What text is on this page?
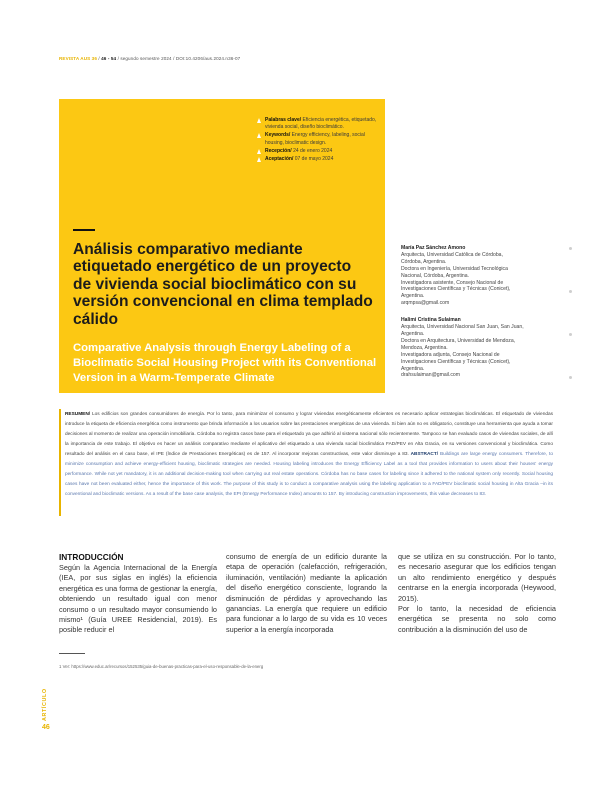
REVISTA AUS 36 / 46 - 54 / segundo semestre 2024 / DOI:10.4206/aus.2024.n36-07
Palabras clave/ Eficiencia energética, etiquetado, vivienda social, diseño bioclimático.
Keywords/ Energy efficiency, labeling, social housing, bioclimatic design.
Recepción/ 24 de enero 2024
Aceptación/ 07 de mayo 2024
Análisis comparativo mediante etiquetado energético de un proyecto de vivienda social bioclimático con su versión convencional en clima templado cálido
Comparative Analysis through Energy Labeling of a Bioclimatic Social Housing Project with its Conventional Version in a Warm-Temperate Climate
María Paz Sánchez Amono
Arquitecta, Universidad Católica de Córdoba,
Córdoba, Argentina.
Doctora en Ingeniería, Universidad Tecnológica
Nacional, Córdoba, Argentina.
Investigadora asistente, Consejo Nacional de
Investigaciones Científicas y Técnicas (Conicet),
Argentina.
arqmpsa@gmail.com
Halimi Cristina Sulaiman
Arquitecta, Universidad Nacional San Juan, San Juan,
Argentina.
Doctora en Arquitectura, Universidad de Mendoza,
Mendoza, Argentina.
Investigadora adjunta, Consejo Nacional de
Investigaciones Científicas y Técnicas (Conicet),
Argentina.
drahsulaiman@gmail.com

RESUMEN/ Los edificios son grandes consumidores de energía. Por lo tanto, para minimizar el consumo y lograr viviendas energéticamente eficientes es necesario aplicar estrategias bioclimáticas. El etiquetado de viviendas introduce la etiqueta de eficiencia energética como instrumento que brinda información a los usuarios sobre las prestaciones energéticas de una vivienda. Si bien aún no es obligatorio, constituye una herramienta que ayuda a tomar decisiones al momento de realizar una operación inmobiliaria. Córdoba no registra casos base para el etiquetado ya que adhirió al sistema nacional sólo recientemente. Tampoco se han evaluado casos de viviendas sociales, de allí la importancia de este trabajo. El objetivo es hacer un análisis comparativo mediante el aplicativo del etiquetado a una vivienda social bioclimática FAD/PEV en Alta Gracia, en su versiones convencional y bioclimática. Como resultado del análisis en el caso base, el IPE (Índice de Prestaciones Energéticas) es de 157. Al incorporar mejoras constructivas, este valor disminuye a 83. ABSTRACT/ Buildings are large energy consumers. Therefore, to minimize consumption and achieve energy-efficient housing, bioclimatic strategies are needed. Housing labeling introduces the Energy Efficiency Label as a tool that provides information to users about their houses' energy performance. While not yet mandatory, it is an additional decision-making tool when carrying out real estate operations. Córdoba has no base cases for labeling since it adhered to the national system only recently. Social housing cases have not been evaluated either, hence the importance of this work. The purpose of this study is to conduct a comparative analysis using the labeling application to a FAD/PEV bioclimatic social housing in Alta Gracia –in its conventional and bioclimatic versions. As a result of the base case analysis, the EPI (Energy Performance Index) amounts to 157. By introducing construction improvements, this value decreases to 83.

INTRODUCCIÓN

Según la Agencia Internacional de la Energía (IEA, por sus siglas en inglés) la eficiencia energética es una forma de gestionar la energía, obteniendo un resultado igual con menor consumo o un resultado mayor consumiendo lo mismo¹ (Guía UREE Residencial, 2019). Es posible reducir el

consumo de energía de un edificio durante la etapa de operación (calefacción, refrigeración, iluminación, ventilación) mediante la aplicación del diseño energético consciente, logrando la disminución de pérdidas y aprovechando las ganancias. La energía que requiere un edificio para funcionar a lo largo de su vida es 10 veces superior a la energía incorporada

que se utiliza en su construcción. Por lo tanto, es necesario asegurar que los edificios tengan un alto rendimiento energético y después centrarse en la energía incorporada (Heywood, 2015).
Por lo tanto, la necesidad de eficiencia energética se presenta no solo como contribución a la disminución del uso de
1 Ver: https://www.educ.ar/recursos/152535/guia-de-buenas-practicas-para-el-uso-responsable-de-la-energ
ARTÍCULO
46
